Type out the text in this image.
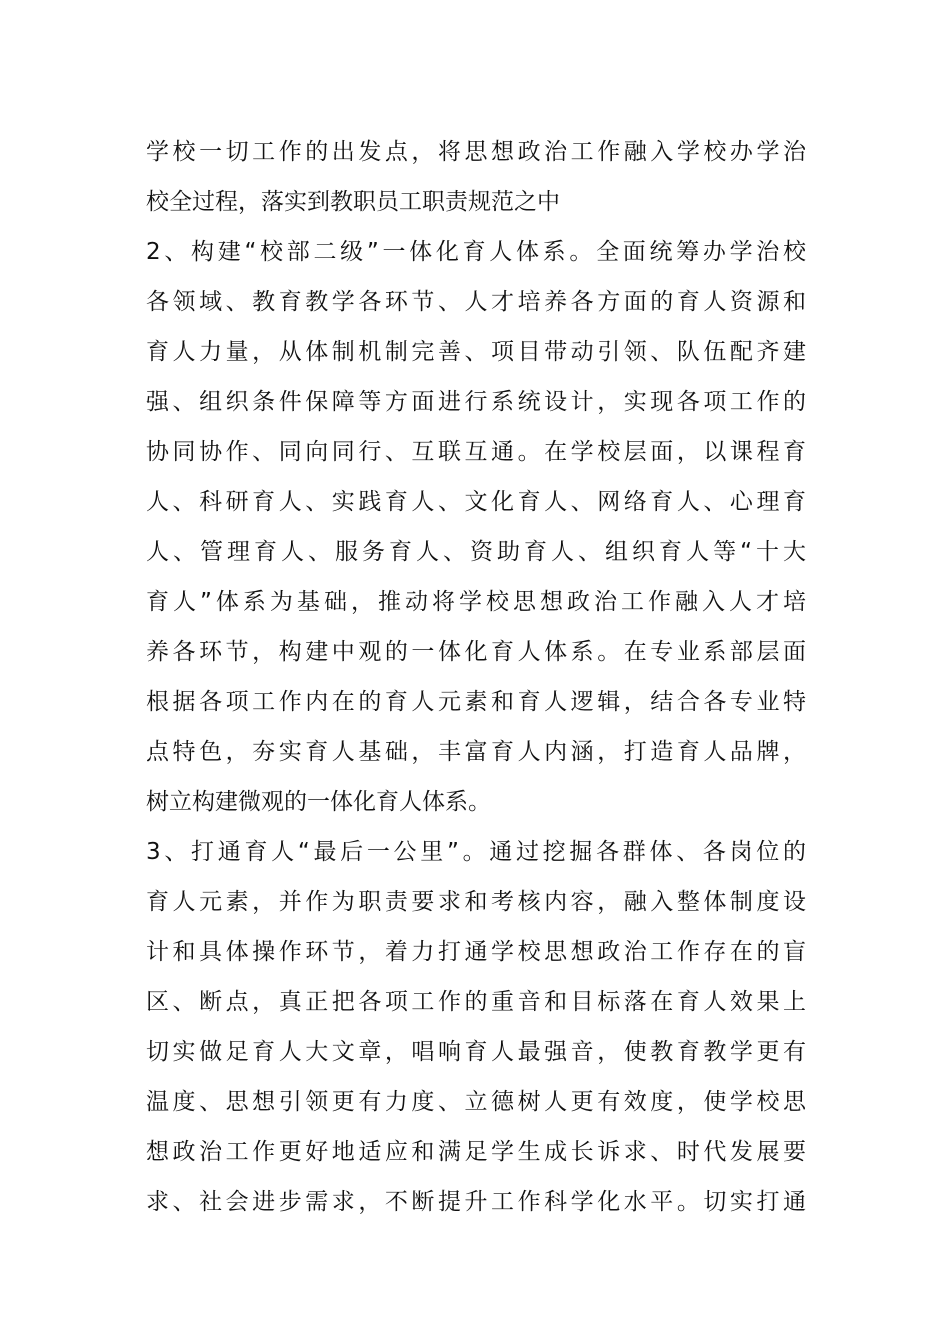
学校一切工作的出发点，将思想政治工作融入学校办学治
校全过程，落实到教职员工职责规范之中
2、构建“校部二级”一体化育人体系。全面统筹办学治校
各领域、教育教学各环节、人才培养各方面的育人资源和
育人力量，从体制机制完善、项目带动引领、队伍配齐建
强、组织条件保障等方面进行系统设计，实现各项工作的
协同协作、同向同行、互联互通。在学校层面，以课程育
人、科研育人、实践育人、文化育人、网络育人、心理育
人、管理育人、服务育人、资助育人、组织育人等“十大
育人”体系为基础，推动将学校思想政治工作融入人才培
养各环节，构建中观的一体化育人体系。在专业系部层面
根据各项工作内在的育人元素和育人逻辑，结合各专业特
点特色，夯实育人基础，丰富育人内涵，打造育人品牌，
树立构建微观的一体化育人体系。
3、打通育人“最后一公里”。通过挖掘各群体、各岗位的
育人元素，并作为职责要求和考核内容，融入整体制度设
计和具体操作环节，着力打通学校思想政治工作存在的盲
区、断点，真正把各项工作的重音和目标落在育人效果上
切实做足育人大文章，唱响育人最强音，使教育教学更有
温度、思想引领更有力度、立德树人更有效度，使学校思
想政治工作更好地适应和满足学生成长诉求、时代发展要
求、社会进步需求，不断提升工作科学化水平。切实打通
